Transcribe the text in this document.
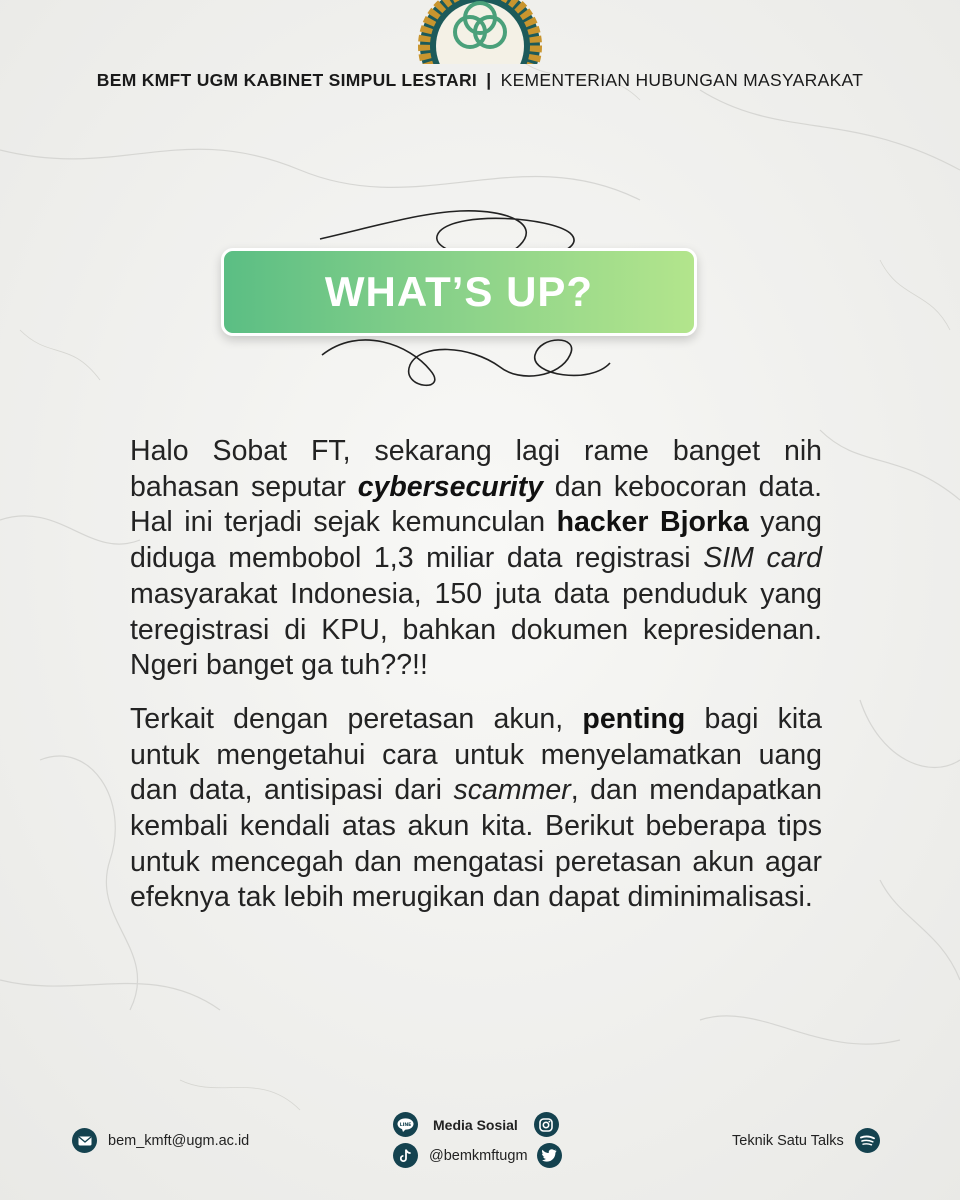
BEM KMFT UGM KABINET SIMPUL LESTARI | KEMENTERIAN HUBUNGAN MASYARAKAT
WHAT’S UP?

Halo Sobat FT, sekarang lagi rame banget nih bahasan seputar cybersecurity dan kebocoran data. Hal ini terjadi sejak kemunculan hacker Bjorka yang diduga membobol 1,3 miliar data registrasi SIM card masyarakat Indonesia, 150 juta data penduduk yang teregistrasi di KPU, bahkan dokumen kepresidenan. Ngeri banget ga tuh??!!

Terkait dengan peretasan akun, penting bagi kita untuk mengetahui cara untuk menyelamatkan uang dan data, antisipasi dari scammer, dan mendapatkan kembali kendali atas akun kita. Berikut beberapa tips untuk mencegah dan mengatasi peretasan akun agar efeknya tak lebih merugikan dan dapat diminimalisasi.

bem_kmft@ugm.ac.id
LINE Media Sosial
@bemkmftugm
Teknik Satu Talks
